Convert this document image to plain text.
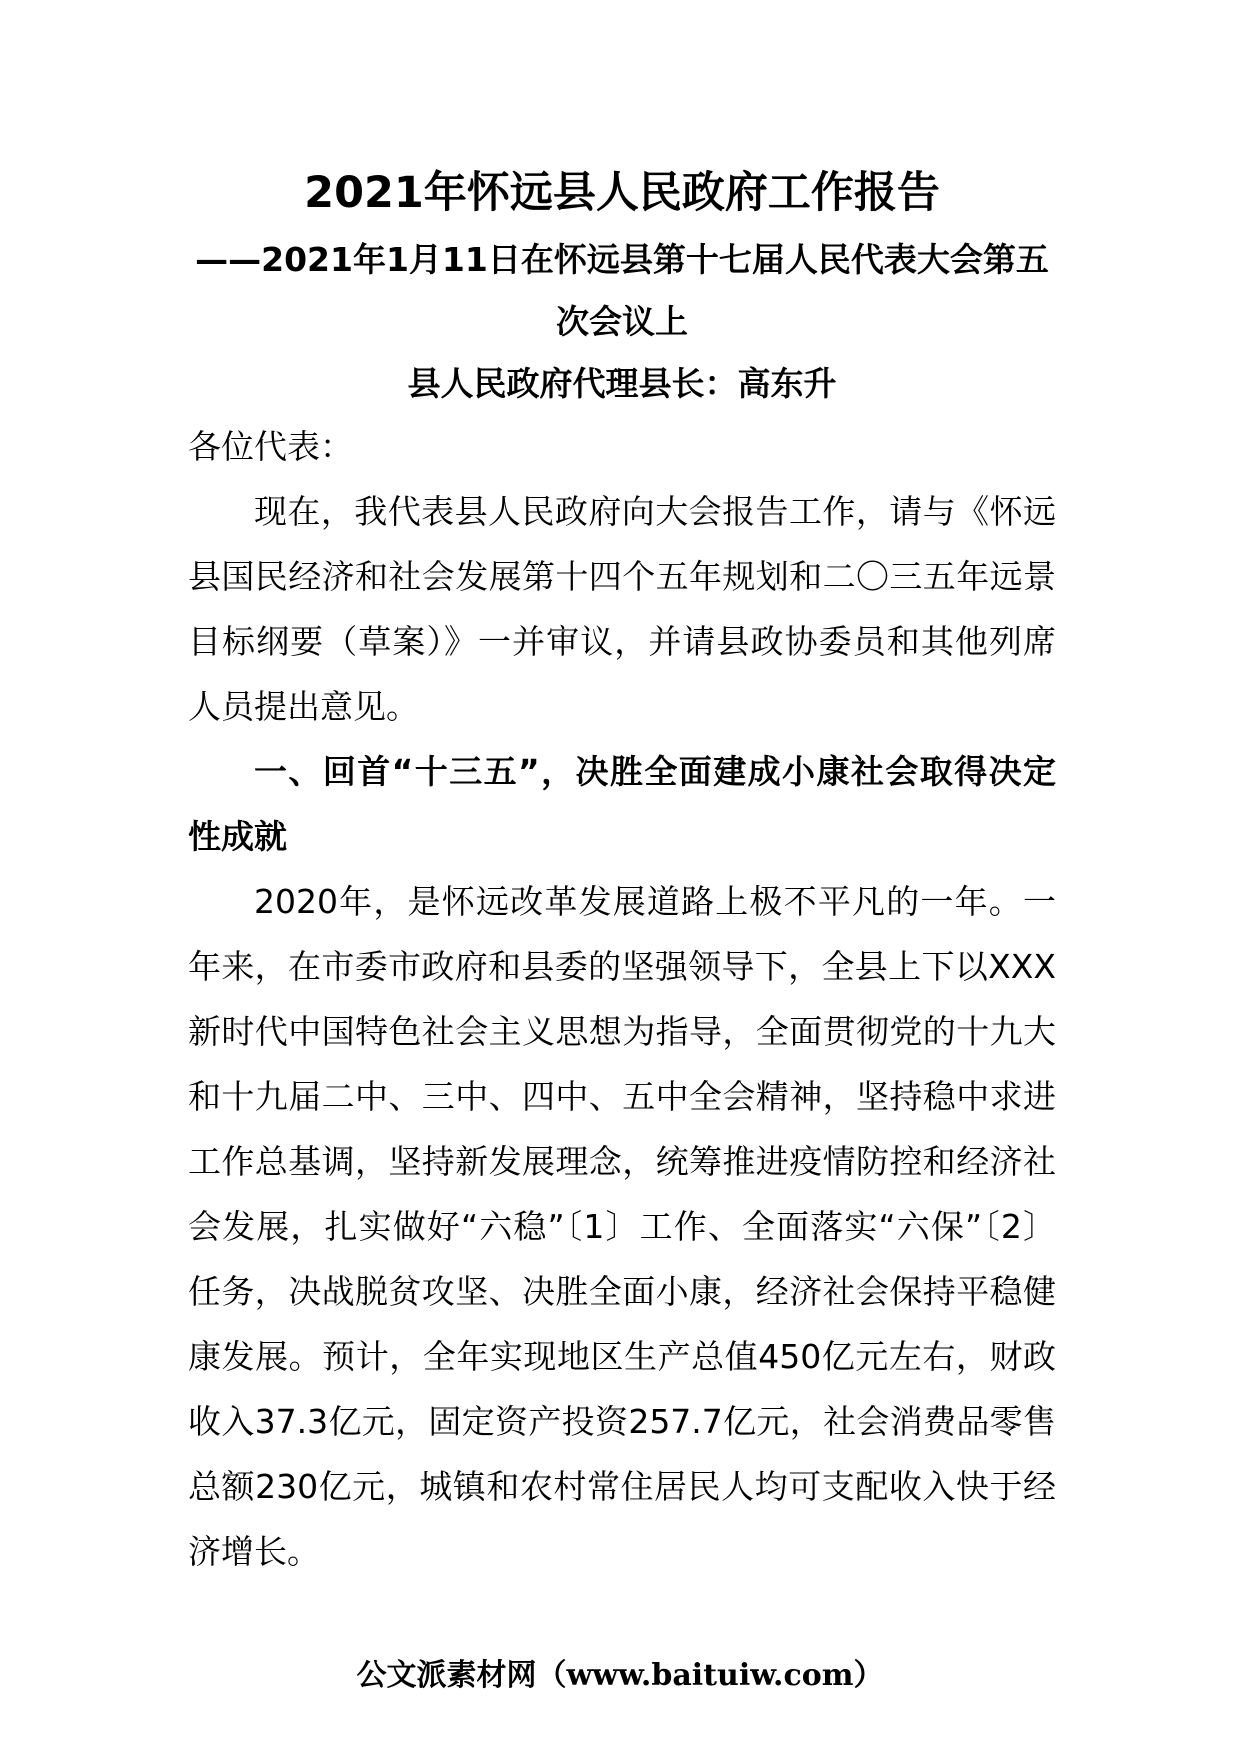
2021年怀远县人民政府工作报告
——2021年1月11日在怀远县第十七届人民代表大会第五次会议上
县人民政府代理县长：高东升
各位代表：

现在，我代表县人民政府向大会报告工作，请与《怀远县国民经济和社会发展第十四个五年规划和二〇三五年远景目标纲要（草案）》一并审议，并请县政协委员和其他列席人员提出意见。

一、回首“十三五”，决胜全面建成小康社会取得决定性成就

2020年，是怀远改革发展道路上极不平凡的一年。一年来，在市委市政府和县委的坚强领导下，全县上下以XXX新时代中国特色社会主义思想为指导，全面贯彻党的十九大和十九届二中、三中、四中、五中全会精神，坚持稳中求进工作总基调，坚持新发展理念，统筹推进疫情防控和经济社会发展，扎实做好“六稳”〔1〕工作、全面落实“六保”〔2〕任务，决战脱贫攻坚、决胜全面小康，经济社会保持平稳健康发展。预计，全年实现地区生产总值450亿元左右，财政收入37.3亿元，固定资产投资257.7亿元，社会消费品零售总额230亿元，城镇和农村常住居民人均可支配收入快于经济增长。

公文派素材网（www.baituiw.com）
